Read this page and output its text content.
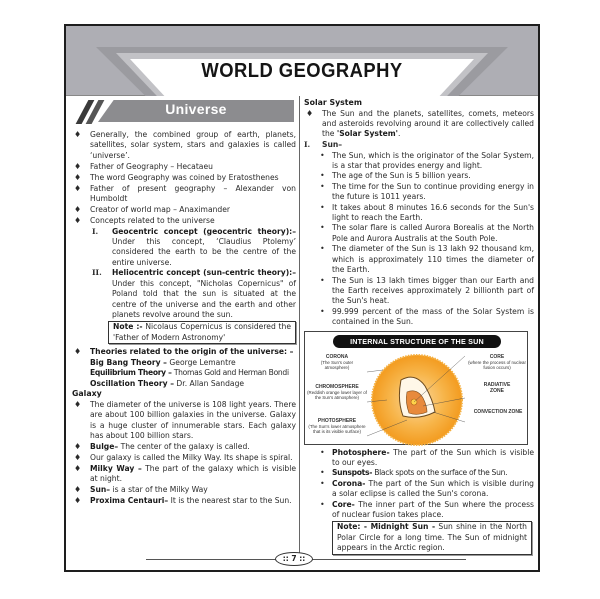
WORLD GEOGRAPHY
Universe
♦ Generally, the combined group of earth, planets, satellites, solar system, stars and galaxies is called ‘universe’.
♦ Father of Geography – Hecataeu
♦ The word Geography was coined by Eratosthenes
♦ Father of present geography – Alexander von Humboldt
♦ Creator of world map – Anaximander
♦ Concepts related to the universe
I. Geocentric concept (geocentric theory):– Under this concept, ‘Claudius Ptolemy’ considered the earth to be the centre of the entire universe.
II. Heliocentric concept (sun-centric theory):– Under this concept, "Nicholas Copernicus" of Poland told that the sun is situated at the centre of the universe and the earth and other planets revolve around the sun.
Note :- Nicolaus Copernicus is considered the 'Father of Modern Astronomy'
♦ Theories related to the origin of the universe: –
Big Bang Theory – George Lemantre
Equilibrium Theory – Thomas Gold and Herman Bondi
Oscillation Theory – Dr. Allan Sandage
Galaxy
♦ The diameter of the universe is 108 light years. There are about 100 billion galaxies in the universe. Galaxy is a huge cluster of innumerable stars. Each galaxy has about 100 billion stars.
♦ Bulge– The center of the galaxy is called.
♦ Our galaxy is called the Milky Way. Its shape is spiral.
♦ Milky Way – The part of the galaxy which is visible at night.
♦ Sun– is a star of the Milky Way
♦ Proxima Centauri– It is the nearest star to the Sun.
Solar System
♦ The Sun and the planets, satellites, comets, meteors and asteroids revolving around it are collectively called the 'Solar System'.
I. Sun–
• The Sun, which is the originator of the Solar System, is a star that provides energy and light.
• The age of the Sun is 5 billion years.
• The time for the Sun to continue providing energy in the future is 1011 years.
• It takes about 8 minutes 16.6 seconds for the Sun's light to reach the Earth.
• The solar flare is called Aurora Borealis at the North Pole and Aurora Australis at the South Pole.
• The diameter of the Sun is 13 lakh 92 thousand km, which is approximately 110 times the diameter of the Earth.
• The Sun is 13 lakh times bigger than our Earth and the Earth receives approximately 2 billionth part of the Sun's heat.
• 99.999 percent of the mass of the Solar System is contained in the Sun.
INTERNAL STRUCTURE OF THE SUN
CORONA
(The Sun's outer atmosphere)
CHROMOSPHERE
(Reddish orange lower layer of the Sun's atmosphere)
PHOTOSPHERE
(The Sun's lower atmosphere that is its visible surface)
CORE
(where the process of nuclear fusion occurs)
RADIATIVE ZONE
CONVECTION ZONE
• Photosphere- The part of the Sun which is visible to our eyes.
• Sunspots- Black spots on the surface of the Sun.
• Corona- The part of the Sun which is visible during a solar eclipse is called the Sun's corona.
• Core- The inner part of the Sun where the process of nuclear fusion takes place.
Note: - Midnight Sun - Sun shine in the North Polar Circle for a long time. The Sun of midnight appears in the Arctic region.
:: 7 ::
